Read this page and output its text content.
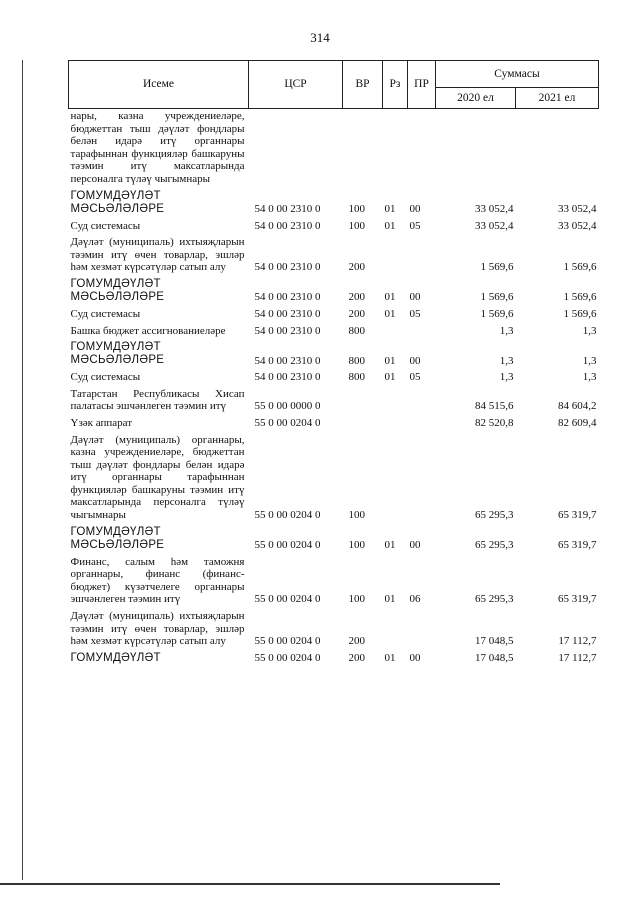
314
Исеме	ЦСР	ВР	Рз	ПР	Суммасы	
					2020 ел	2021 ел
нары, казна учреждениеләре, бюджеттан тыш дәүләт фондлары белән идарә итү органнары тарафыннан функцияләр башкаруны тәэмин итү максатларында персоналга түләү чыгымнары						
ГОМУМДӘҮЛӘТ МӘСЬӘЛӘЛӘРЕ	54 0 00 2310 0	100	01	00	33 052,4	33 052,4
Суд системасы	54 0 00 2310 0	100	01	05	33 052,4	33 052,4
Дәүләт (муниципаль) ихтыяҗларын тәэмин итү өчен товарлар, эшләр һәм хезмәт күрсәтүләр сатып алу	54 0 00 2310 0	200			1 569,6	1 569,6
ГОМУМДӘҮЛӘТ МӘСЬӘЛӘЛӘРЕ	54 0 00 2310 0	200	01	00	1 569,6	1 569,6
Суд системасы	54 0 00 2310 0	200	01	05	1 569,6	1 569,6
Башка бюджет ассигнованиеләре	54 0 00 2310 0	800			1,3	1,3
ГОМУМДӘҮЛӘТ МӘСЬӘЛӘЛӘРЕ	54 0 00 2310 0	800	01	00	1,3	1,3
Суд системасы	54 0 00 2310 0	800	01	05	1,3	1,3
Татарстан Республикасы Хисап палатасы эшчәнлеген тәэмин итү	55 0 00 0000 0				84 515,6	84 604,2
Үзәк аппарат	55 0 00 0204 0				82 520,8	82 609,4
Дәүләт (муниципаль) органнары, казна учреждениеләре, бюджеттан тыш дәүләт фондлары белән идарә итү органнары тарафыннан функцияләр башкаруны тәэмин итү максатларында персоналга түләү чыгымнары	55 0 00 0204 0	100			65 295,3	65 319,7
ГОМУМДӘҮЛӘТ МӘСЬӘЛӘЛӘРЕ	55 0 00 0204 0	100	01	00	65 295,3	65 319,7
Финанс, салым һәм таможня органнары, финанс (финанс-бюджет) күзәтчелеге органнары эшчәнлеген тәэмин итү	55 0 00 0204 0	100	01	06	65 295,3	65 319,7
Дәүләт (муниципаль) ихтыяҗларын тәэмин итү өчен товарлар, эшләр һәм хезмәт күрсәтүләр сатып алу	55 0 00 0204 0	200			17 048,5	17 112,7
ГОМУМДӘҮЛӘТ	55 0 00 0204 0	200	01	00	17 048,5	17 112,7
